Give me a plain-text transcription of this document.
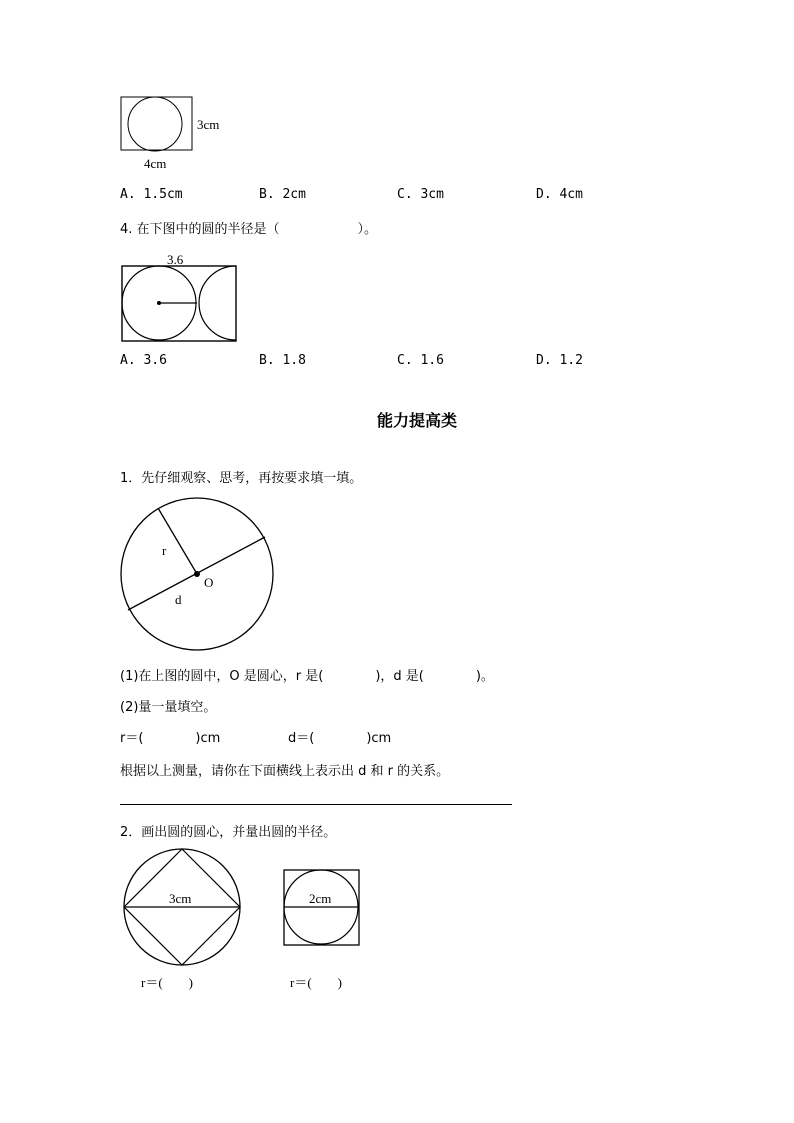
3cm
4cm
A. 1.5cm	B. 2cm	C. 3cm	D. 4cm
4. 在下图中的圆的半径是（　　　　　　）。
3.6
A. 3.6	B. 1.8	C. 1.6	D. 1.2
能力提高类
1．先仔细观察、思考，再按要求填一填。
r
O
d
(1)在上图的圆中，O 是圆心，r 是(　　　　)，d 是(　　　　)。
(2)量一量填空。
r＝(　　　　)cm	d＝(　　　　)cm
根据以上测量，请你在下面横线上表示出 d 和 r 的关系。
2．画出圆的圆心，并量出圆的半径。
3cm	2cm
r＝(　　)	r＝(　　)
